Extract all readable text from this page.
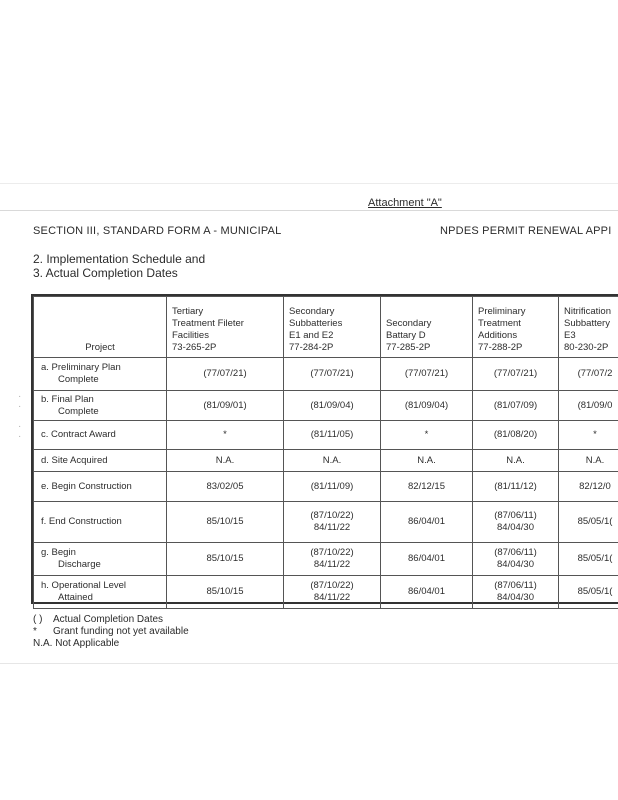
·
·

·
·
Attachment "A"
SECTION III, STANDARD FORM A - MUNICIPAL	NPDES PERMIT RENEWAL APPI
2. Implementation Schedule and
3. Actual Completion Dates
Project	Tertiary
Treatment Fileter
Facilities
73-265-2P	Secondary
Subbatteries
E1 and E2
77-284-2P	Secondary
Battary D
77-285-2P	Preliminary
Treatment
Additions
77-288-2P	Nitrification
Subbattery
E3
80-230-2P

a. Preliminary Plan
Complete	(77/07/21)	(77/07/21)	(77/07/21)	(77/07/21)	(77/07/2

b. Final Plan
Complete	(81/09/01)	(81/09/04)	(81/09/04)	(81/07/09)	(81/09/0

c. Contract Award	*	(81/11/05)	*	(81/08/20)	*

d. Site Acquired	N.A.	N.A.	N.A.	N.A.	N.A.

e. Begin Construction	83/02/05	(81/11/09)	82/12/15	(81/11/12)	82/12/0

f. End Construction	85/10/15	(87/10/22)
84/11/22	86/04/01	(87/06/11)
84/04/30	85/05/1(

g. Begin
Discharge	85/10/15	(87/10/22)
84/11/22	86/04/01	(87/06/11)
84/04/30	85/05/1(

h. Operational Level
Attained	85/10/15	(87/10/22)
84/11/22	86/04/01	(87/06/11)
84/04/30	85/05/1(
( ) Actual Completion Dates
* Grant funding not yet available
N.A. Not Applicable
